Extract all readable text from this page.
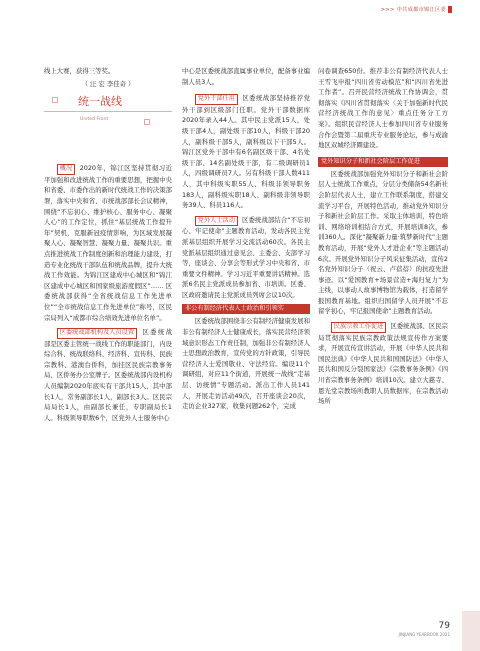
>>> 中共成都市锦江区委

线上大赛，获得三等奖。

（ 汪 宏 李佳奇 ）

统一战线
United Front

概况 2020年，锦江区坚持贯彻习近平加强和改进统战工作的重要思想，把握中央和省委、市委作出的新时代统战工作的决策部署，落实中央和省、市统战部部长会议精神，围绕“不忘初心、维护核心、服务中心、凝聚人心”的工作定位，抓住“基层统战工作提升年”契机，克服新冠疫情影响，为区域发展凝聚人心、凝聚智慧、凝聚力量、凝聚共识。重点推进统战工作制度创新和治理能力建设，打造专业化统战干部队伍和统战品牌，提升大统战工作效能。为锦江区建成中心城区和“锦江区建成中心城区和国家级旅游度假区”…… 区委统战部获得“全省统战信息工作先进单位”“全市统战信息工作先进单位”称号，区民宗局列入“成都市综合绩效先进单位名单”。

区委统战部机构及人员设置 区委统战部是区委主管统一战线工作的职能部门，内设综合科、统战联络科、经济科、宣传科、民族宗教科、港澳台侨科，加挂区民族宗教事务局、区侨务办公室牌子。区委统战部内设机构人员编制2020年底实有干部共15人，其中部长1人，常务副部长1人，副部长3人。区民宗局局长1人，由副部长兼任，专职副局长1人。科级领导职数6个，区党外人士服务中心

中心是区委统战部直属事业单位，配备事业编制人员3人。

党外干部任用 区委统战部坚持推荐党外干部到区级部门任职。党外干部数据库2020年录入44人。其中民主党派15人，处级干部4人，副处级干部10人，科级干部20人，副科级干部5人，副科级以下干部5人。锦江区党外干部中有6名副区级干部、4名处级干部、14名副处级干部，有二级调研员1人，四级调研员7人。另有科级干部人数411人，其中科级实职55人、科级非领导职务183人，副科级实职18人、副科级非领导职务39人、科员116人。

党外人士活动 区委统战部结合“不忘初心、牢记使命”主题教育活动，发动各民主党派基层组织开展学习交流活动60次。各民主党派基层组织通过意见会、主委会、支部学习等，座谈会、分享会等形式学习中央和省、市重要文件精神。学习习近平重要讲话精神。选派6名民主党派成员参加省、市培训。区委、区政府邀请民主党派成员列席会议10次。

非公有制经济代表人士政治和引领实

区委统战部围绕非公有制经济健康发展和非公有制经济人士健康成长，落实民营经济领域意识形态工作责任制，加强非公有制经济人士思想政治教育，宣传党的方针政策，引导民营经济人士爱国敬业、守法经营。编设11个调研组，对应11个街道，开展统一战线“走基层、访统情”专题活动。派出工作人员141人，开展走访活动49次，召开座谈会20次，走访企业327家，收集问题262个，完成

问卷调查650份。推荐非公有制经济代表人士王雪飞申报“四川省劳动模范”和“四川省先进工作者”。召开民营经济统战工作协调会，贯彻落实《四川省贯彻落实〈关于加强新时代民营经济统战工作的意见〉重点任务分工方案》。组织民营经济人士参加四川省专业服务合作会暨第二届重庆专业服务论坛，参与成渝地区双城经济圈建设。

党外知识分子和新社会阶层工作促进

区委统战部加强党外知识分子和新社会阶层人士统战工作重点，分层分类储备54名新社会阶层代表人士，建立工作联系制度，搭建交流学习平台，开展特色活动，推动党外知识分子和新社会阶层工作。采取主体培训，特色培训、网络培训相结合方式，开展培训8次，参训360人。深化“凝聚新力量·筑梦新时代”主题教育活动，开展“党外人才进企业”等主题活动6次。开展党外知识分子风采征集活动，宣传2名党外知识分子（祝云、卢蓓蓓）的抗疫先进事迹。以“爱国教育+场景营造+海归复力”为主线，以事动人故事博物馆为载体，打造留学报国教育基地。组织归国留学人员开展“不忘留学初心，牢记报国使命”主题教育活动。

民族宗教工作促进 区委统战部、区民宗局贯彻落实民族宗教政策法规宣传作方案要求，开展宣传宣讲活动，开展《中华人民共和国民法典》《中华人民共和国国防法》《中华人民共和国反分裂国家法》《宗教事务条例》《四川省宗教事务条例》培训10次。建立大慈寺、恩光堂宗教场所教职人员数据库，在宗教活动场所

79
JINJIANG YEARBOOK 2021
